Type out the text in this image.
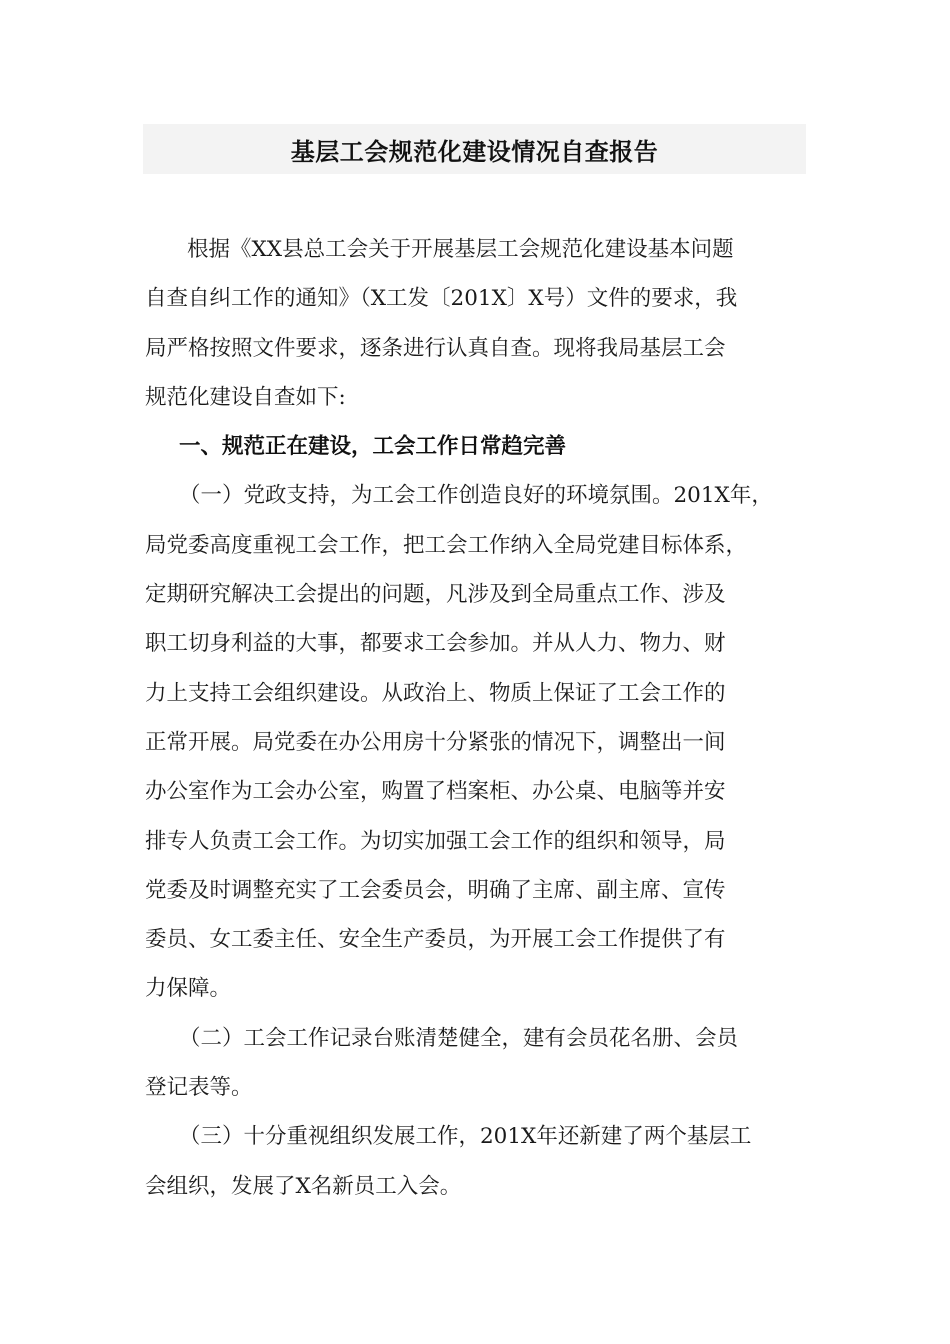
基层工会规范化建设情况自查报告

根据《XX县总工会关于开展基层工会规范化建设基本问题
自查自纠工作的通知》（X工发〔201X〕X号）文件的要求，我
局严格按照文件要求，逐条进行认真自查。现将我局基层工会
规范化建设自查如下:

一、规范正在建设，工会工作日常趋完善

（一）党政支持，为工会工作创造良好的环境氛围。201X年，
局党委高度重视工会工作，把工会工作纳入全局党建目标体系，
定期研究解决工会提出的问题，凡涉及到全局重点工作、涉及
职工切身利益的大事，都要求工会参加。并从人力、物力、财
力上支持工会组织建设。从政治上、物质上保证了工会工作的
正常开展。局党委在办公用房十分紧张的情况下，调整出一间
办公室作为工会办公室，购置了档案柜、办公桌、电脑等并安
排专人负责工会工作。为切实加强工会工作的组织和领导，局
党委及时调整充实了工会委员会，明确了主席、副主席、宣传
委员、女工委主任、安全生产委员，为开展工会工作提供了有
力保障。

（二）工会工作记录台账清楚健全，建有会员花名册、会员
登记表等。

（三）十分重视组织发展工作，201X年还新建了两个基层工
会组织，发展了X名新员工入会。
